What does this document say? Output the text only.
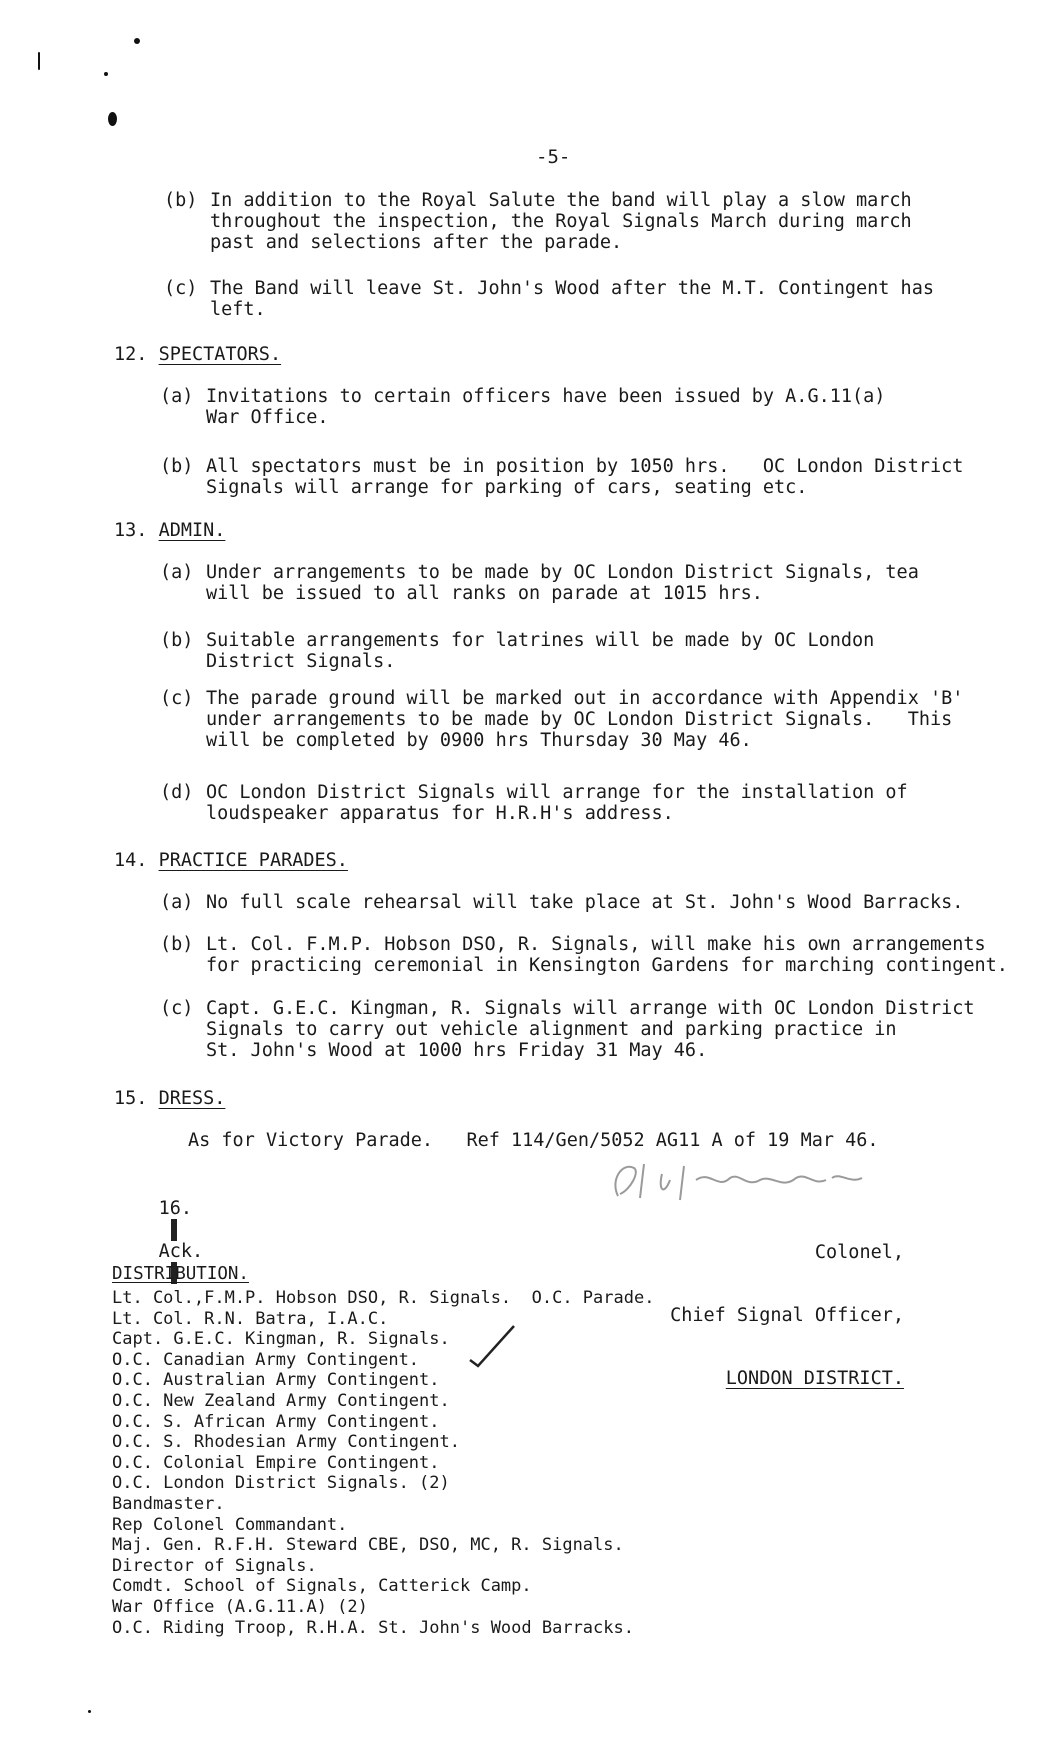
-5-
(b) In addition to the Royal Salute the band will play a slow march
throughout the inspection, the Royal Signals March during march
past and selections after the parade.
(c) The Band will leave St. John's Wood after the M.T. Contingent has
left.
12. SPECTATORS.
(a) Invitations to certain officers have been issued by A.G.11(a)
War Office.
(b) All spectators must be in position by 1050 hrs.   OC London District
Signals will arrange for parking of cars, seating etc.
13. ADMIN.
(a) Under arrangements to be made by OC London District Signals, tea
will be issued to all ranks on parade at 1015 hrs.
(b) Suitable arrangements for latrines will be made by OC London
District Signals.
(c) The parade ground will be marked out in accordance with Appendix 'B'
under arrangements to be made by OC London District Signals.   This
will be completed by 0900 hrs Thursday 30 May 46.
(d) OC London District Signals will arrange for the installation of
loudspeaker apparatus for H.R.H's address.
14. PRACTICE PARADES.
(a) No full scale rehearsal will take place at St. John's Wood Barracks.
(b) Lt. Col. F.M.P. Hobson DSO, R. Signals, will make his own arrangements
for practicing ceremonial in Kensington Gardens for marching contingent.
(c) Capt. G.E.C. Kingman, R. Signals will arrange with OC London District
Signals to carry out vehicle alignment and parking practice in
St. John's Wood at 1000 hrs Friday 31 May 46.
15. DRESS.
As for Victory Parade.   Ref 114/Gen/5052 AG11 A of 19 Mar 46.

16.

Ack.

	Colonel,

Chief Signal Officer,

LONDON DISTRICT.

DISTRIBUTION.
Lt. Col.,F.M.P. Hobson DSO, R. Signals.  O.C. Parade.
Lt. Col. R.N. Batra, I.A.C.
Capt. G.E.C. Kingman, R. Signals.
O.C. Canadian Army Contingent.
O.C. Australian Army Contingent.
O.C. New Zealand Army Contingent.
O.C. S. African Army Contingent.
O.C. S. Rhodesian Army Contingent.
O.C. Colonial Empire Contingent.
O.C. London District Signals. (2)
Bandmaster.
Rep Colonel Commandant.
Maj. Gen. R.F.H. Steward CBE, DSO, MC, R. Signals.
Director of Signals.
Comdt. School of Signals, Catterick Camp.
War Office (A.G.11.A) (2)
O.C. Riding Troop, R.H.A. St. John's Wood Barracks.
